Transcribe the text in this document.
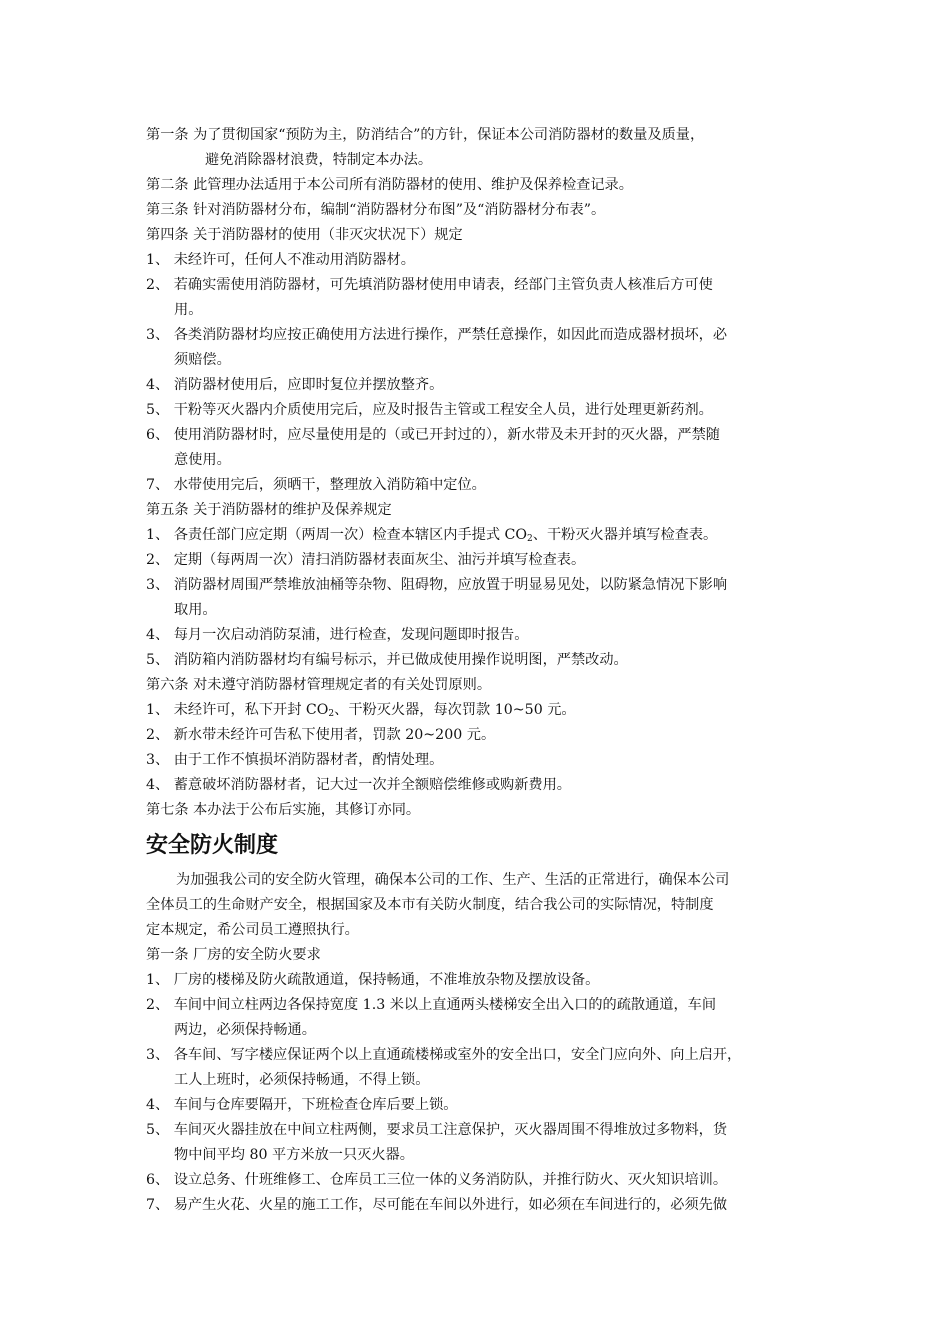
第一条 为了贯彻国家“预防为主，防消结合”的方针，保证本公司消防器材的数量及质量，
避免消除器材浪费，特制定本办法。
第二条 此管理办法适用于本公司所有消防器材的使用、维护及保养检查记录。
第三条 针对消防器材分布，编制“消防器材分布图”及“消防器材分布表”。
第四条 关于消防器材的使用（非灭灾状况下）规定
1、 未经许可，任何人不准动用消防器材。
2、 若确实需使用消防器材，可先填消防器材使用申请表，经部门主管负责人核准后方可使
用。
3、 各类消防器材均应按正确使用方法进行操作，严禁任意操作，如因此而造成器材损坏，必
须赔偿。
4、 消防器材使用后，应即时复位并摆放整齐。
5、 干粉等灭火器内介质使用完后，应及时报告主管或工程安全人员，进行处理更新药剂。
6、 使用消防器材时，应尽量使用是的（或已开封过的），新水带及未开封的灭火器，严禁随
意使用。
7、 水带使用完后，须晒干，整理放入消防箱中定位。
第五条 关于消防器材的维护及保养规定
1、 各责任部门应定期（两周一次）检查本辖区内手提式 $CO_2$、干粉灭火器并填写检查表。
2、 定期（每两周一次）清扫消防器材表面灰尘、油污并填写检查表。
3、 消防器材周围严禁堆放油桶等杂物、阻碍物，应放置于明显易见处，以防紧急情况下影响
取用。
4、 每月一次启动消防泵浦，进行检查，发现问题即时报告。
5、 消防箱内消防器材均有编号标示，并已做成使用操作说明图，严禁改动。
第六条 对未遵守消防器材管理规定者的有关处罚原则。
1、 未经许可，私下开封 $CO_2$、干粉灭火器，每次罚款 10~50 元。
2、 新水带未经许可告私下使用者，罚款 20~200 元。
3、 由于工作不慎损坏消防器材者，酌情处理。
4、 蓄意破坏消防器材者，记大过一次并全额赔偿维修或购新费用。
第七条 本办法于公布后实施，其修订亦同。
安全防火制度
为加强我公司的安全防火管理，确保本公司的工作、生产、生活的正常进行，确保本公司
全体员工的生命财产安全，根据国家及本市有关防火制度，结合我公司的实际情况，特制度
定本规定，希公司员工遵照执行。
第一条 厂房的安全防火要求
1、 厂房的楼梯及防火疏散通道，保持畅通，不准堆放杂物及摆放设备。
2、 车间中间立柱两边各保持宽度 1.3 米以上直通两头楼梯安全出入口的的疏散通道，车间
两边，必须保持畅通。
3、 各车间、写字楼应保证两个以上直通疏楼梯或室外的安全出口，安全门应向外、向上启开，
工人上班时，必须保持畅通，不得上锁。
4、 车间与仓库要隔开，下班检查仓库后要上锁。
5、 车间灭火器挂放在中间立柱两侧，要求员工注意保护，灭火器周围不得堆放过多物料，货
物中间平均 80 平方米放一只灭火器。
6、 设立总务、什班维修工、仓库员工三位一体的义务消防队，并推行防火、灭火知识培训。
7、 易产生火花、火星的施工工作，尽可能在车间以外进行，如必须在车间进行的，必须先做
